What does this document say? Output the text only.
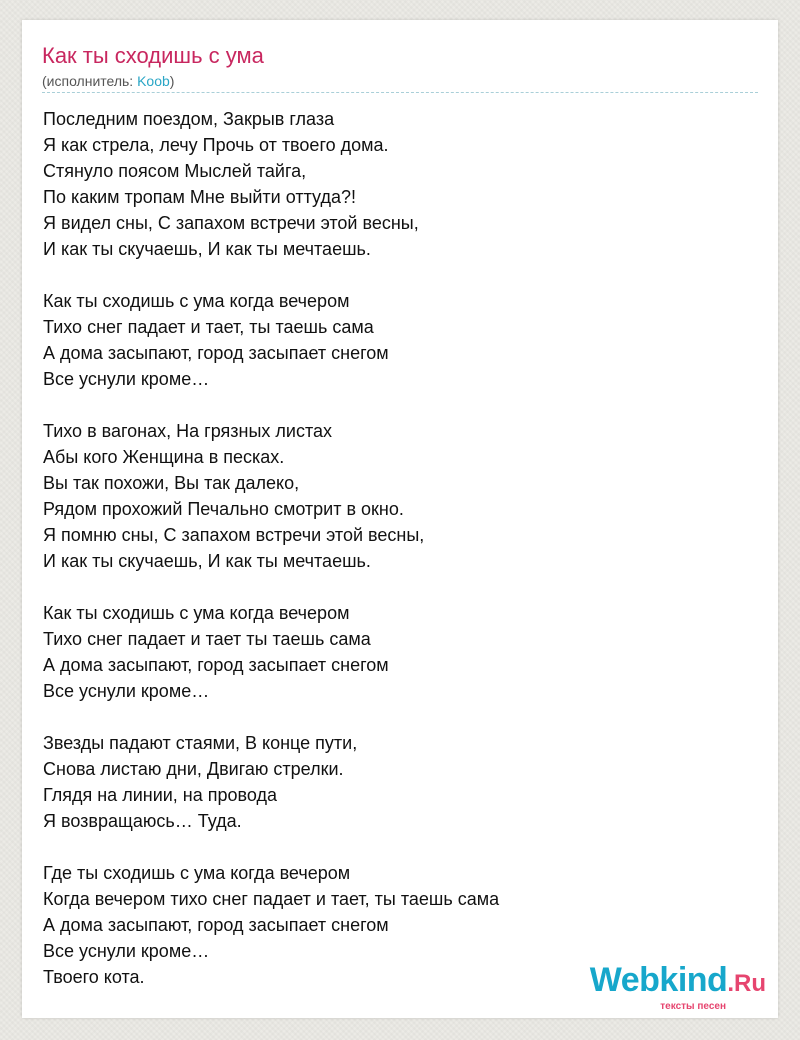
Как ты сходишь с ума
(исполнитель: Koob)
Последним поездом, Закрыв глаза
Я как стрела, лечу Прочь от твоего дома.
Стянуло поясом Мыслей тайга,
По каким тропам Мне выйти оттуда?!
Я видел сны, С запахом встречи этой весны,
И как ты скучаешь, И как ты мечтаешь.
Как ты сходишь с ума когда вечером
Тихо снег падает и тает, ты таешь сама
А дома засыпают, город засыпает снегом
Все уснули кроме…
Тихо в вагонах, На грязных листах
Абы кого Женщина в песках.
Вы так похожи, Вы так далеко,
Рядом прохожий Печально смотрит в окно.
Я помню сны, С запахом встречи этой весны,
И как ты скучаешь, И как ты мечтаешь.
Как ты сходишь с ума когда вечером
Тихо снег падает и тает ты таешь сама
А дома засыпают, город засыпает снегом
Все уснули кроме…
Звезды падают стаями, В конце пути,
Снова листаю дни, Двигаю стрелки.
Глядя на линии, на провода
Я возвращаюсь… Туда.
Где ты сходишь с ума когда вечером
Когда вечером тихо снег падает и тает, ты таешь сама
А дома засыпают, город засыпает снегом
Все уснули кроме…
Твоего кота.	Webkind.Ru
тексты песен
